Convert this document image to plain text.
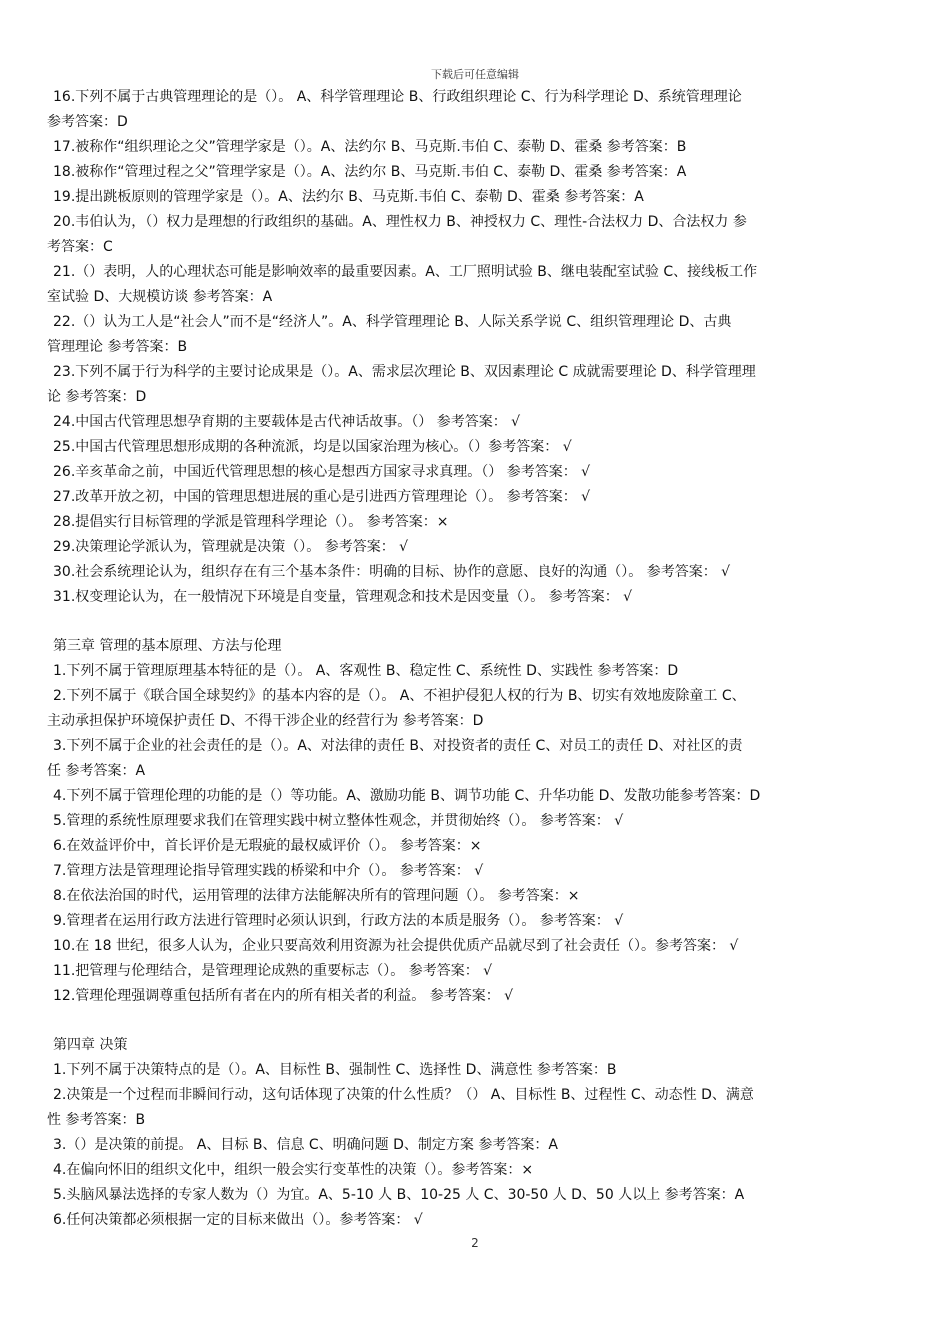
下载后可任意编辑
16.下列不属于古典管理理论的是（）。 A、科学管理理论 B、行政组织理论 C、行为科学理论 D、系统管理理论
参考答案：D
17.被称作“组织理论之父”管理学家是（）。A、法约尔 B、马克斯.韦伯 C、泰勒 D、霍桑 参考答案：B
18.被称作“管理过程之父”管理学家是（）。A、法约尔 B、马克斯.韦伯 C、泰勒 D、霍桑 参考答案：A
19.提出跳板原则的管理学家是（）。A、法约尔 B、马克斯.韦伯 C、泰勒 D、霍桑 参考答案：A
20.韦伯认为，（）权力是理想的行政组织的基础。A、理性权力 B、神授权力 C、理性-合法权力 D、合法权力 参
考答案：C
21.（）表明，人的心理状态可能是影响效率的最重要因素。A、工厂照明试验 B、继电装配室试验 C、接线板工作
室试验 D、大规模访谈 参考答案：A
22.（）认为工人是“社会人”而不是“经济人”。A、科学管理理论 B、人际关系学说 C、组织管理理论 D、古典
管理理论 参考答案：B
23.下列不属于行为科学的主要讨论成果是（）。A、需求层次理论 B、双因素理论 C 成就需要理论 D、科学管理理
论 参考答案：D
24.中国古代管理思想孕育期的主要载体是古代神话故事。（） 参考答案： √
25.中国古代管理思想形成期的各种流派，均是以国家治理为核心。（）参考答案： √
26.辛亥革命之前，中国近代管理思想的核心是想西方国家寻求真理。（） 参考答案： √
27.改革开放之初，中国的管理思想进展的重心是引进西方管理理论（）。 参考答案： √
28.提倡实行目标管理的学派是管理科学理论（）。 参考答案：×
29.决策理论学派认为，管理就是决策（）。 参考答案： √
30.社会系统理论认为，组织存在有三个基本条件：明确的目标、协作的意愿、良好的沟通（）。 参考答案： √
31.权变理论认为，在一般情况下环境是自变量，管理观念和技术是因变量（）。 参考答案： √
第三章 管理的基本原理、方法与伦理
1.下列不属于管理原理基本特征的是（）。 A、客观性 B、稳定性 C、系统性 D、实践性 参考答案：D
2.下列不属于《联合国全球契约》的基本内容的是（）。 A、不袒护侵犯人权的行为 B、切实有效地废除童工 C、
主动承担保护环境保护责任 D、不得干涉企业的经营行为 参考答案：D
3.下列不属于企业的社会责任的是（）。A、对法律的责任 B、对投资者的责任 C、对员工的责任 D、对社区的责
任 参考答案：A
4.下列不属于管理伦理的功能的是（）等功能。A、激励功能 B、调节功能 C、升华功能 D、发散功能参考答案：D
5.管理的系统性原理要求我们在管理实践中树立整体性观念，并贯彻始终（）。 参考答案： √
6.在效益评价中，首长评价是无瑕疵的最权威评价（）。 参考答案：×
7.管理方法是管理理论指导管理实践的桥梁和中介（）。 参考答案： √
8.在依法治国的时代，运用管理的法律方法能解决所有的管理问题（）。 参考答案：×
9.管理者在运用行政方法进行管理时必须认识到，行政方法的本质是服务（）。 参考答案： √
10.在 18 世纪，很多人认为，企业只要高效利用资源为社会提供优质产品就尽到了社会责任（）。参考答案： √
11.把管理与伦理结合，是管理理论成熟的重要标志（）。 参考答案： √
12.管理伦理强调尊重包括所有者在内的所有相关者的利益。 参考答案： √
第四章 决策
1.下列不属于决策特点的是（）。A、目标性 B、强制性 C、选择性 D、满意性 参考答案：B
2.决策是一个过程而非瞬间行动，这句话体现了决策的什么性质？（） A、目标性 B、过程性 C、动态性 D、满意
性 参考答案：B
3.（）是决策的前提。 A、目标 B、信息 C、明确问题 D、制定方案 参考答案：A
4.在偏向怀旧的组织文化中，组织一般会实行变革性的决策（）。参考答案：×
5.头脑风暴法选择的专家人数为（）为宜。A、5-10 人 B、10-25 人 C、30-50 人 D、50 人以上 参考答案：A
6.任何决策都必须根据一定的目标来做出（）。参考答案： √
2
